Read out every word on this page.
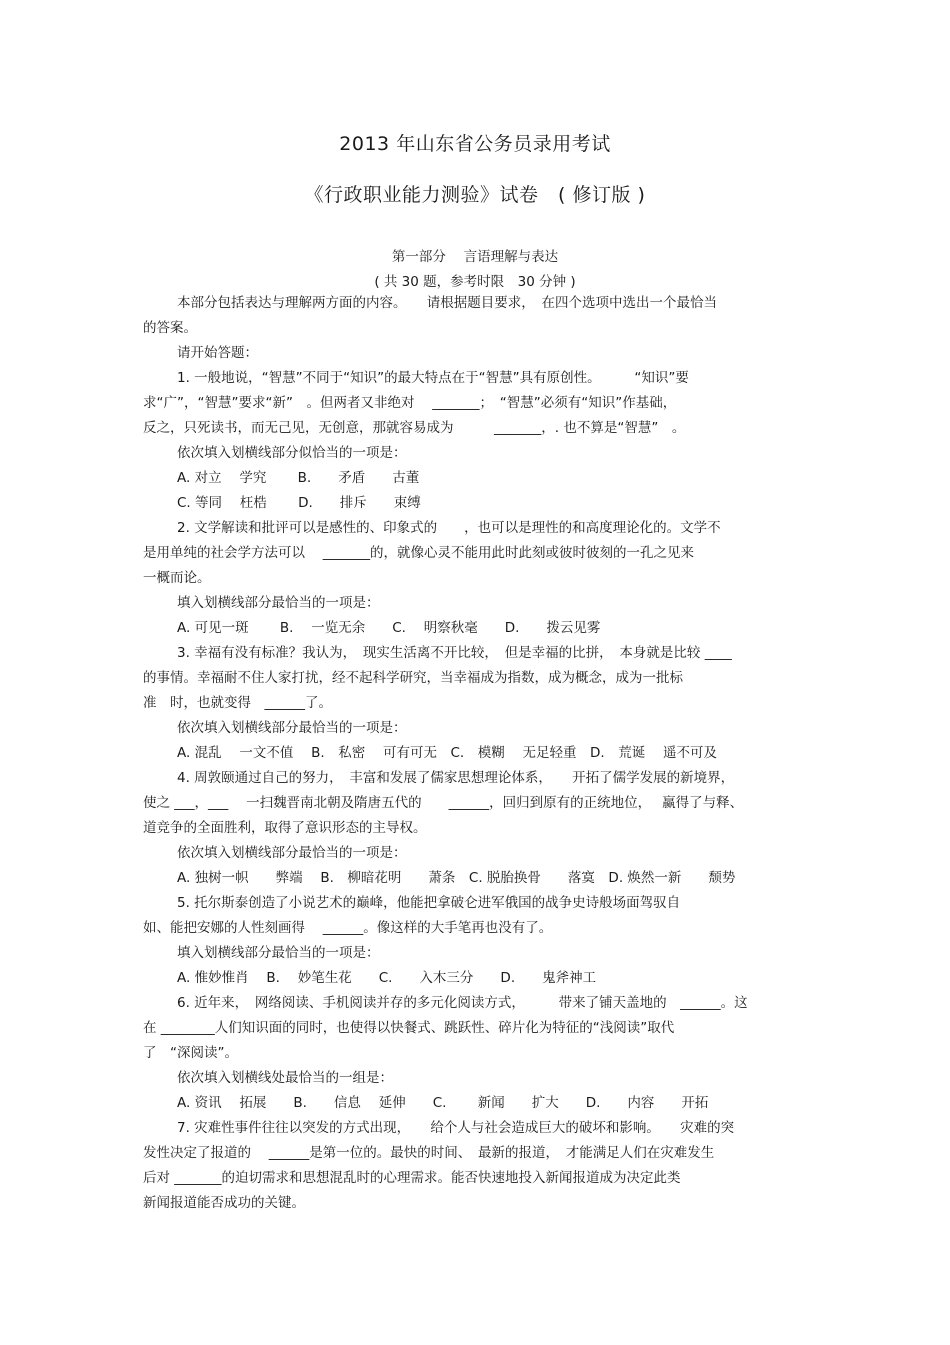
2013 年山东省公务员录用考试
《行政职业能力测验》试卷　( 修订版 )
第一部分　 言语理解与表达
( 共 30 题，参考时限　30 分钟 )
本部分包括表达与理解两方面的内容。　　请根据题目要求，　在四个选项中选出一个最恰当
的答案。
请开始答题：
1. 一般地说，“智慧”不同于“知识”的最大特点在于“智慧”具有原创性。　　　“知识”要
求“广”，“智慧”要求“新”　。但两者又非绝对　 _______；　“智慧”必须有“知识”作基础，
反之，只死读书，而无己见，无创意，那就容易成为　　　_______，. 也不算是“智慧”　。
依次填入划横线部分似恰当的一项是：
A. 对立　 学究　　 B.　　矛盾　　古董
C. 等同　 枉梏　　 D.　　排斥　　束缚
2. 文学解读和批评可以是感性的、印象式的　　，也可以是理性的和高度理论化的。文学不
是用单纯的社会学方法可以　 _______的，就像心灵不能用此时此刻或彼时彼刻的一孔之见来
一概而论。
填入划横线部分最恰当的一项是：
A. 可见一斑　　 B.　 一览无余　　C.　 明察秋毫　　D.　　拨云见雾
3. 幸福有没有标准？我认为，　现实生活离不开比较，　但是幸福的比拼，　本身就是比较 ____
的事情。幸福耐不住人家打扰，经不起科学研究，当幸福成为指数，成为概念，成为一批标
准　时，也就变得　______了。
依次填入划横线部分最恰当的一项是：
A. 混乱　 一文不值　 B.　私密　 可有可无　C.　模糊　 无足轻重　D.　荒诞　 遥不可及
4. 周敦颐通过自己的努力，　丰富和发展了儒家思想理论体系，　　开拓了儒学发展的新境界，
使之 ___，___　 一扫魏晋南北朝及隋唐五代的　　______，回归到原有的正统地位，　 赢得了与释、
道竞争的全面胜利，取得了意识形态的主导权。
依次填入划横线部分最恰当的一项是：
A. 独树一帜　　弊端　 B.　柳暗花明　　萧条　C. 脱胎换骨　　落寞　D. 焕然一新　　颓势
5. 托尔斯泰创造了小说艺术的巅峰，他能把拿破仑进军俄国的战争史诗般场面驾驭自
如、能把安娜的人性刻画得　 ______。像这样的大手笔再也没有了。
填入划横线部分最恰当的一项是：
A. 惟妙惟肖　 B.　 妙笔生花　　C.　　入木三分　　D.　　鬼斧神工
6. 近年来，　网络阅读、手机阅读并存的多元化阅读方式，　　　带来了铺天盖地的　______。这
在 ________人们知识面的同时，也使得以快餐式、跳跃性、碎片化为特征的“浅阅读”取代
了　“深阅读”。
依次填入划横线处最恰当的一组是：
A. 资讯　 拓展　　B.　　信息　 延伸　　C.　　 新闻　　扩大　　D.　　内容　　开拓
7. 灾难性事件往往以突发的方式出现，　　给个人与社会造成巨大的破坏和影响。　　灾难的突
发性决定了报道的　 ______是第一位的。最快的时间、　最新的报道，　才能满足人们在灾难发生
后对 _______的迫切需求和思想混乱时的心理需求。能否快速地投入新闻报道成为决定此类
新闻报道能否成功的关键。
